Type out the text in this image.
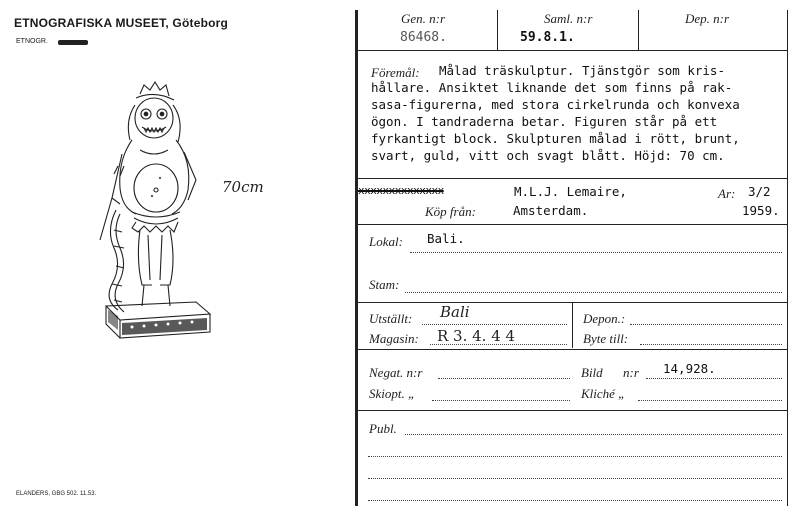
ETNOGRAFISKA MUSEET, Göteborg
ETNOGR.
70cm
ELANDERS, GBG 502. 11.53.
Gen. n:r	Saml. n:r	Dep. n:r
86468.	59.8.1.
Föremål: Målad träskulptur. Tjänstgör som kris-
hållare. Ansiktet liknande det som finns på rak-
sasa-figurerna, med stora cirkelrunda och konvexa
ögon. I tandraderna betar. Figuren står på ett
fyrkantigt block. Skulpturen målad i rött, brunt,
svart, guld, vitt och svagt blått. Höjd: 70 cm.
xxxxxxxxxxxxxx	M.L.J. Lemaire,	Ar: 3/2
Köp från:	Amsterdam.	1959.
Lokal: Bali.
Stam:
Utställt: Bali	Depon.:
Magasin: R 3. 4. 4 4	Byte till:
Negat. n:r	Bild n:r 14,928.
Skiopt. „	Kliché „
Publ.
